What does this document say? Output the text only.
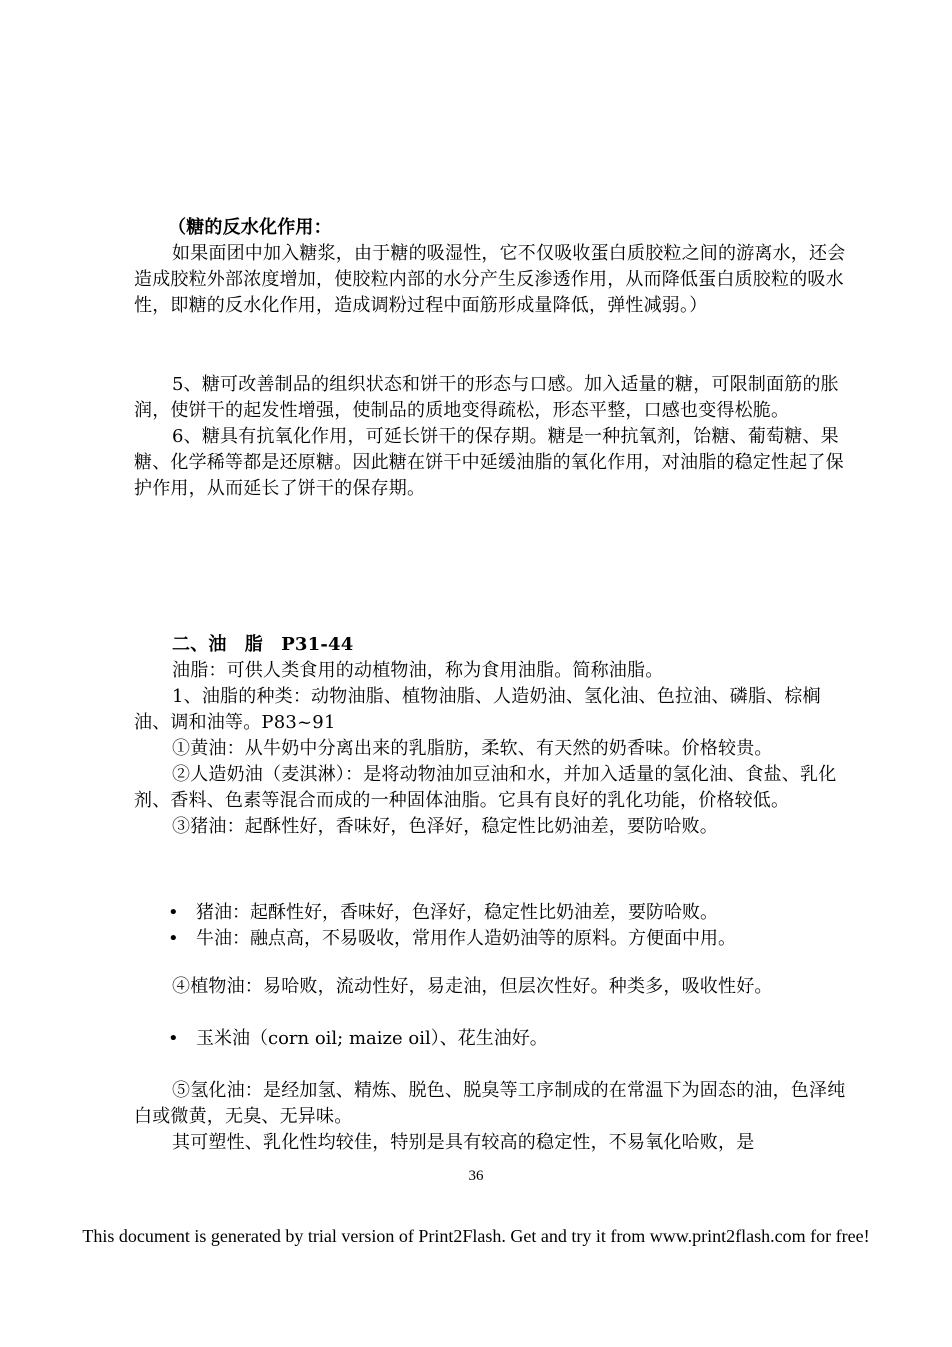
（糖的反水化作用：

如果面团中加入糖浆，由于糖的吸湿性，它不仅吸收蛋白质胶粒之间的游离水，还会造成胶粒外部浓度增加，使胶粒内部的水分产生反渗透作用，从而降低蛋白质胶粒的吸水性，即糖的反水化作用，造成调粉过程中面筋形成量降低，弹性减弱。）

5、糖可改善制品的组织状态和饼干的形态与口感。加入适量的糖，可限制面筋的胀润，使饼干的起发性增强，使制品的质地变得疏松，形态平整，口感也变得松脆。

6、糖具有抗氧化作用，可延长饼干的保存期。糖是一种抗氧剂，饴糖、葡萄糖、果糖、化学稀等都是还原糖。因此糖在饼干中延缓油脂的氧化作用，对油脂的稳定性起了保护作用，从而延长了饼干的保存期。

二、油　脂　P31-44

油脂：可供人类食用的动植物油，称为食用油脂。简称油脂。

1、油脂的种类：动物油脂、植物油脂、人造奶油、氢化油、色拉油、磷脂、棕榈油、调和油等。P83~91

①黄油：从牛奶中分离出来的乳脂肪，柔软、有天然的奶香味。价格较贵。

②人造奶油（麦淇淋）：是将动物油加豆油和水，并加入适量的氢化油、食盐、乳化剂、香料、色素等混合而成的一种固体油脂。它具有良好的乳化功能，价格较低。

③猪油：起酥性好，香味好，色泽好，稳定性比奶油差，要防哈败。

• 猪油：起酥性好，香味好，色泽好，稳定性比奶油差，要防哈败。
• 牛油：融点高，不易吸收，常用作人造奶油等的原料。方便面中用。

④植物油：易哈败，流动性好，易走油，但层次性好。种类多，吸收性好。

• 玉米油（corn oil; maize oil）、花生油好。

⑤氢化油：是经加氢、精炼、脱色、脱臭等工序制成的在常温下为固态的油，色泽纯白或微黄，无臭、无异味。

其可塑性、乳化性均较佳，特别是具有较高的稳定性，不易氧化哈败，是

36
This document is generated by trial version of Print2Flash. Get and try it from www.print2flash.com for free!
